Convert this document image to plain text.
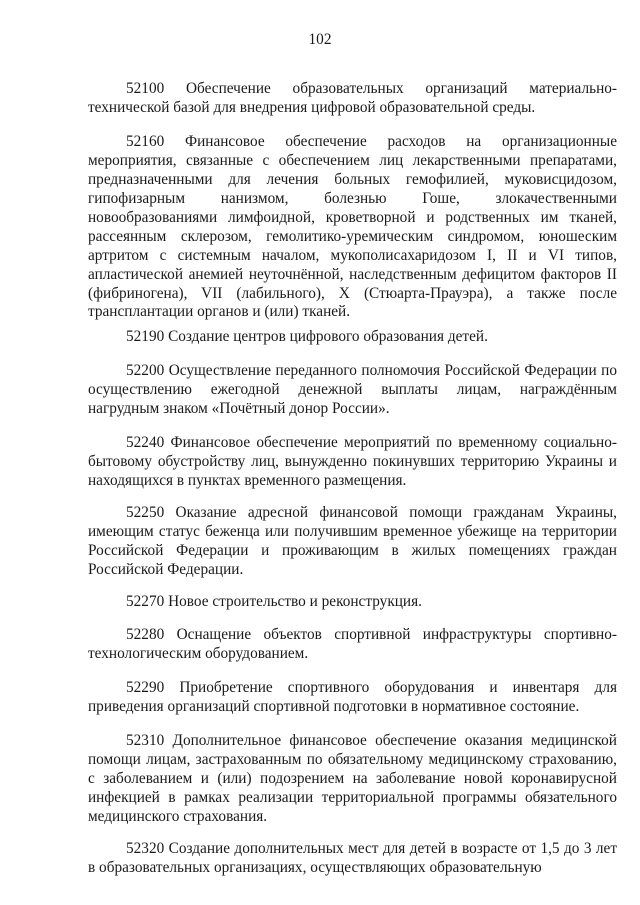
102

52100 Обеспечение образовательных организаций материально-технической базой для внедрения цифровой образовательной среды.

52160 Финансовое обеспечение расходов на организационные мероприятия, связанные с обеспечением лиц лекарственными препаратами, предназначенными для лечения больных гемофилией, муковисцидозом, гипофизарным нанизмом, болезнью Гоше, злокачественными новообразованиями лимфоидной, кроветворной и родственных им тканей, рассеянным склерозом, гемолитико-уремическим синдромом, юношеским артритом с системным началом, мукополисахаридозом I, II и VI типов, апластической анемией неуточнённой, наследственным дефицитом факторов II (фибриногена), VII (лабильного), X (Стюарта-Прауэра), а также после трансплантации органов и (или) тканей.

52190 Создание центров цифрового образования детей.

52200 Осуществление переданного полномочия Российской Федерации по осуществлению ежегодной денежной выплаты лицам, награждённым нагрудным знаком «Почётный донор России».

52240 Финансовое обеспечение мероприятий по временному социально-бытовому обустройству лиц, вынужденно покинувших территорию Украины и находящихся в пунктах временного размещения.

52250 Оказание адресной финансовой помощи гражданам Украины, имеющим статус беженца или получившим временное убежище на территории Российской Федерации и проживающим в жилых помещениях граждан Российской Федерации.

52270 Новое строительство и реконструкция.

52280 Оснащение объектов спортивной инфраструктуры спортивно-технологическим оборудованием.

52290 Приобретение спортивного оборудования и инвентаря для приведения организаций спортивной подготовки в нормативное состояние.

52310 Дополнительное финансовое обеспечение оказания медицинской помощи лицам, застрахованным по обязательному медицинскому страхованию, с заболеванием и (или) подозрением на заболевание новой коронавирусной инфекцией в рамках реализации территориальной программы обязательного медицинского страхования.

52320 Создание дополнительных мест для детей в возрасте от 1,5 до 3 лет в образовательных организациях, осуществляющих образовательную
